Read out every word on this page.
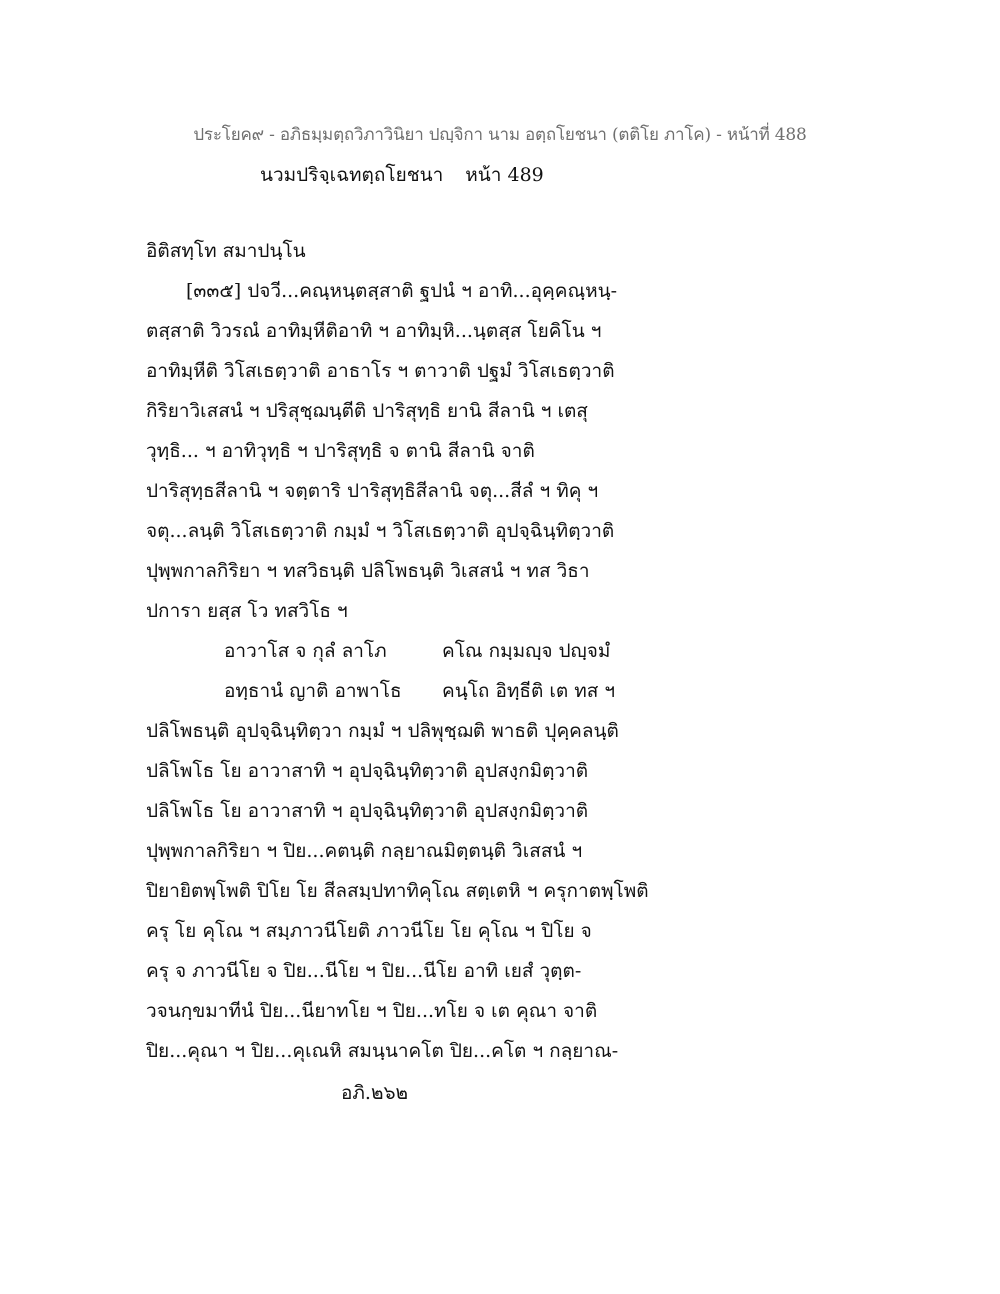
ประโยค๙ - อภิธมฺมตฺถวิภาวินิยา ปญฺจิกา นาม อตฺถโยชนา (ตติโย ภาโค) - หน้าที่ 488
นวมปริจฺเฉทตฺถโยชนา หน้า 489
อิติสทฺโท สมาปนฺโน
[๓๓๕] ปจวี...คณฺหนฺตสฺสาติ ฐปนํ ฯ อาทิ...อุคฺคณฺหนฺ-
ตสฺสาติ วิวรณํ อาทิมฺหีติอาทิ ฯ อาทิมฺหิ...นฺตสฺส โยคิโน ฯ
อาทิมฺหีติ วิโสเธตฺวาติ อาธาโร ฯ ตาวาติ ปฐมํ วิโสเธตฺวาติ
กิริยาวิเสสนํ ฯ ปริสุชฺฌนฺตีติ ปาริสุทฺธิ ยานิ สีลานิ ฯ เตสุ
วุทฺธิ... ฯ อาทิวุทฺธิ ฯ ปาริสุทฺธิ จ ตานิ สีลานิ จาติ
ปาริสุทฺธสีลานิ ฯ จตฺตาริ ปาริสุทฺธิสีลานิ จตุ...สีลํ ฯ ทิคุ ฯ
จตุ...ลนฺติ วิโสเธตฺวาติ กมฺมํ ฯ วิโสเธตฺวาติ อุปจฺฉินฺทิตฺวาติ
ปุพฺพกาลกิริยา ฯ ทสวิธนฺติ ปลิโพธนฺติ วิเสสนํ ฯ ทส วิธา
ปการา ยสฺส โว ทสวิโธ ฯ
อาวาโส จ กุลํ ลาโภ	คโณ กมฺมญฺจ ปญฺจมํ
อทฺธานํ ญาติ อาพาโธ	คนฺโถ อิทฺธีติ เต ทส ฯ
ปลิโพธนฺติ อุปจฺฉินฺทิตฺวา กมฺมํ ฯ ปลิพุชฺฌติ พาธติ ปุคฺคลนฺติ
ปลิโพโธ โย อาวาสาทิ ฯ อุปจฺฉินฺทิตฺวาติ อุปสงฺกมิตฺวาติ
ปลิโพโธ โย อาวาสาทิ ฯ อุปจฺฉินฺทิตฺวาติ อุปสงฺกมิตฺวาติ
ปุพฺพกาลกิริยา ฯ ปิย...คตนฺติ กลฺยาณมิตฺตนฺติ วิเสสนํ ฯ
ปิยายิตพฺโพติ ปิโย โย สีลสมฺปทาทิคุโณ สตฺเตหิ ฯ ครุกาตพฺโพติ
ครุ โย คุโณ ฯ สมฺภาวนีโยติ ภาวนีโย โย คุโณ ฯ ปิโย จ
ครุ จ ภาวนีโย จ ปิย...นีโย ฯ ปิย...นีโย อาทิ เยสํ วุตฺต-
วจนกฺขมาทีนํ ปิย...นียาทโย ฯ ปิย...ทโย จ เต คุณา จาติ
ปิย...คุณา ฯ ปิย...คุเณหิ สมนฺนาคโต ปิย...คโต ฯ กลฺยาณ-
อภิ.๒๖๒
